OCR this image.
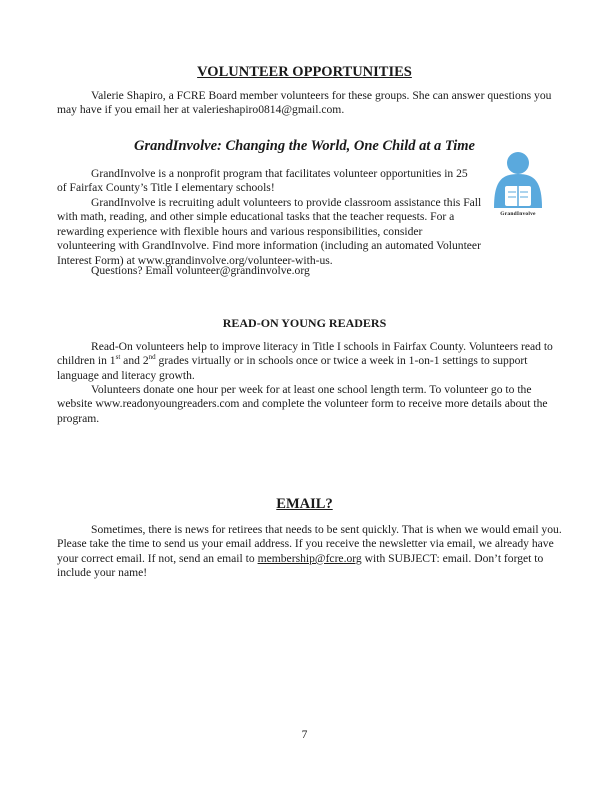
VOLUNTEER OPPORTUNITIES

Valerie Shapiro, a FCRE Board member volunteers for these groups. She can answer questions you may have if you email her at valerieshapiro0814@gmail.com.

GrandInvolve: Changing the World, One Child at a Time
GrandInvolve

GrandInvolve is a nonprofit program that facilitates volunteer opportunities in 25 of Fairfax County’s Title I elementary schools!

GrandInvolve is recruiting adult volunteers to provide classroom assistance this Fall with math, reading, and other simple educational tasks that the teacher requests. For a rewarding experience with flexible hours and various responsibilities, consider volunteering with GrandInvolve. Find more information (including an automated Volunteer Interest Form) at www.grandinvolve.org/volunteer-with-us.

Questions? Email volunteer@grandinvolve.org

READ-ON YOUNG READERS

Read-On volunteers help to improve literacy in Title I schools in Fairfax County. Volunteers read to children in 1st and 2nd grades virtually or in schools once or twice a week in 1-on-1 settings to support language and literacy growth.

Volunteers donate one hour per week for at least one school length term. To volunteer go to the website www.readonyoungreaders.com and complete the volunteer form to receive more details about the program.

EMAIL?

Sometimes, there is news for retirees that needs to be sent quickly. That is when we would email you. Please take the time to send us your email address. If you receive the newsletter via email, we already have your correct email. If not, send an email to membership@fcre.org with SUBJECT: email. Don’t forget to include your name!

7
